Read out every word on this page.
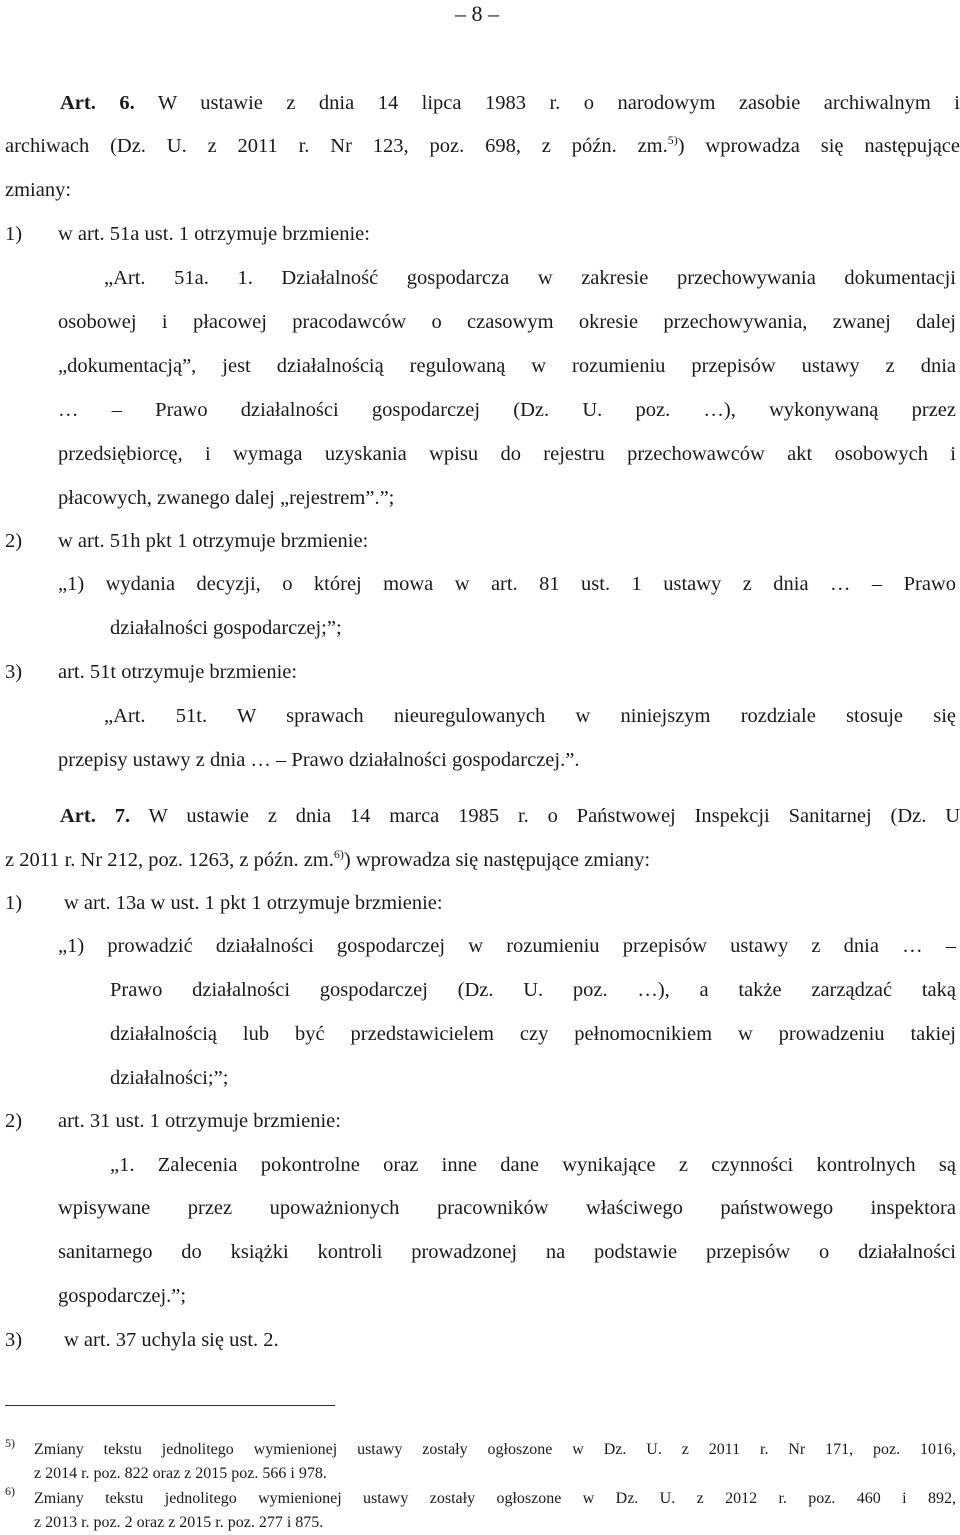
– 8 –
Art. 6. W ustawie z dnia 14 lipca 1983 r. o narodowym zasobie archiwalnym i
archiwach (Dz. U. z 2011 r. Nr 123, poz. 698, z późn. zm.$^{5)}$) wprowadza się następujące
zmiany:
1) w art. 51a ust. 1 otrzymuje brzmienie:
„Art. 51a. 1. Działalność gospodarcza w zakresie przechowywania dokumentacji
osobowej i płacowej pracodawców o czasowym okresie przechowywania, zwanej dalej
„dokumentacją”, jest działalnością regulowaną w rozumieniu przepisów ustawy z dnia
… – Prawo działalności gospodarczej (Dz. U. poz. …), wykonywaną przez
przedsiębiorcę, i wymaga uzyskania wpisu do rejestru przechowawców akt osobowych i
płacowych, zwanego dalej „rejestrem”.”;
2) w art. 51h pkt 1 otrzymuje brzmienie:
„1) wydania decyzji, o której mowa w art. 81 ust. 1 ustawy z dnia … – Prawo
działalności gospodarczej;”;
3) art. 51t otrzymuje brzmienie:
„Art. 51t. W sprawach nieuregulowanych w niniejszym rozdziale stosuje się
przepisy ustawy z dnia … – Prawo działalności gospodarczej.”.
Art. 7. W ustawie z dnia 14 marca 1985 r. o Państwowej Inspekcji Sanitarnej (Dz. U
z 2011 r. Nr 212, poz. 1263, z późn. zm.$^{6)}$) wprowadza się następujące zmiany:
1) w art. 13a w ust. 1 pkt 1 otrzymuje brzmienie:
„1) prowadzić działalności gospodarczej w rozumieniu przepisów ustawy z dnia … –
Prawo działalności gospodarczej (Dz. U. poz. …), a także zarządzać taką
działalnością lub być przedstawicielem czy pełnomocnikiem w prowadzeniu takiej
działalności;”;
2) art. 31 ust. 1 otrzymuje brzmienie:
„1. Zalecenia pokontrolne oraz inne dane wynikające z czynności kontrolnych są
wpisywane przez upoważnionych pracowników właściwego państwowego inspektora
sanitarnego do książki kontroli prowadzonej na podstawie przepisów o działalności
gospodarczej.”;
3) w art. 37 uchyla się ust. 2.
5) Zmiany tekstu jednolitego wymienionej ustawy zostały ogłoszone w Dz. U. z 2011 r. Nr 171, poz. 1016,
z 2014 r. poz. 822 oraz z 2015 poz. 566 i 978.
6) Zmiany tekstu jednolitego wymienionej ustawy zostały ogłoszone w Dz. U. z 2012 r. poz. 460 i 892,
z 2013 r. poz. 2 oraz z 2015 r. poz. 277 i 875.
